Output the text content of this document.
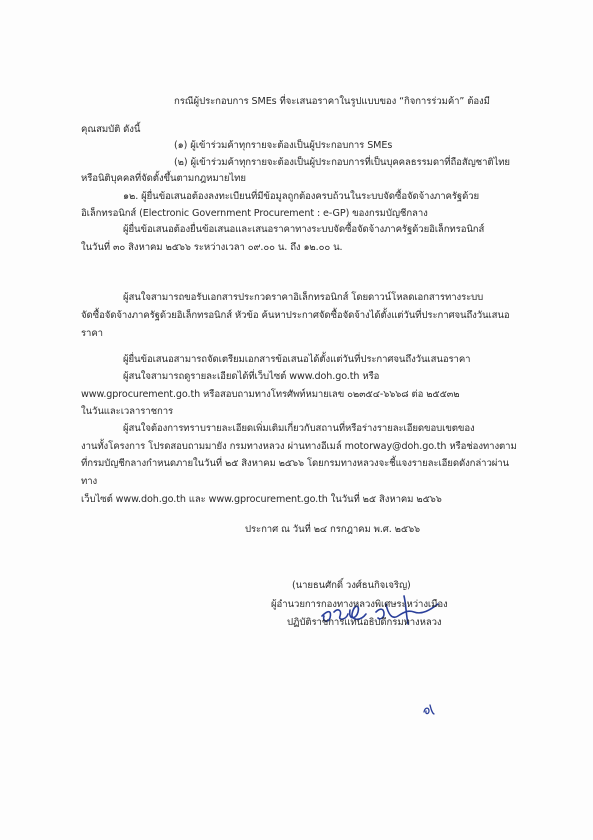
กรณีผู้ประกอบการ SMEs ที่จะเสนอราคาในรูปแบบของ “กิจการร่วมค้า” ต้องมี
คุณสมบัติ ดังนี้
(๑) ผู้เข้าร่วมค้าทุกรายจะต้องเป็นผู้ประกอบการ SMEs
(๒) ผู้เข้าร่วมค้าทุกรายจะต้องเป็นผู้ประกอบการที่เป็นบุคคลธรรมดาที่ถือสัญชาติไทย
หรือนิติบุคคลที่จัดตั้งขึ้นตามกฎหมายไทย
๑๒. ผู้ยื่นข้อเสนอต้องลงทะเบียนที่มีข้อมูลถูกต้องครบถ้วนในระบบจัดซื้อจัดจ้างภาครัฐด้วย
อิเล็กทรอนิกส์ (Electronic Government Procurement : e-GP) ของกรมบัญชีกลาง
ผู้ยื่นข้อเสนอต้องยื่นข้อเสนอและเสนอราคาทางระบบจัดซื้อจัดจ้างภาครัฐด้วยอิเล็กทรอนิกส์
ในวันที่ ๓๐ สิงหาคม ๒๕๖๖ ระหว่างเวลา ๐๙.๐๐ น. ถึง ๑๒.๐๐ น.
ผู้สนใจสามารถขอรับเอกสารประกวดราคาอิเล็กทรอนิกส์ โดยดาวน์โหลดเอกสารทางระบบ
จัดซื้อจัดจ้างภาครัฐด้วยอิเล็กทรอนิกส์ หัวข้อ ค้นหาประกาศจัดซื้อจัดจ้างได้ตั้งแต่วันที่ประกาศจนถึงวันเสนอ
ราคา
ผู้ยื่นข้อเสนอสามารถจัดเตรียมเอกสารข้อเสนอได้ตั้งแต่วันที่ประกาศจนถึงวันเสนอราคา
ผู้สนใจสามารถดูรายละเอียดได้ที่เว็บไซต์ www.doh.go.th หรือ
www.gprocurement.go.th หรือสอบถามทางโทรศัพท์หมายเลข ๐๒๓๕๔-๖๖๖๘ ต่อ ๒๕๕๓๒
ในวันและเวลาราชการ
ผู้สนใจต้องการทราบรายละเอียดเพิ่มเติมเกี่ยวกับสถานที่หรือร่างรายละเอียดขอบเขตของ
งานทั้งโครงการ โปรดสอบถามมายัง กรมทางหลวง ผ่านทางอีเมล์ motorway@doh.go.th หรือช่องทางตาม
ที่กรมบัญชีกลางกำหนดภายในวันที่ ๒๕ สิงหาคม ๒๕๖๖ โดยกรมทางหลวงจะชี้แจงรายละเอียดดังกล่าวผ่าน
ทาง
เว็บไซต์ www.doh.go.th และ www.gprocurement.go.th ในวันที่ ๒๕ สิงหาคม ๒๕๖๖
ประกาศ ณ วันที่ ๒๔ กรกฎาคม พ.ศ. ๒๕๖๖
(นายธนศักดิ์ วงศ์ธนกิจเจริญ)
ผู้อำนวยการกองทางหลวงพิเศษระหว่างเมือง
ปฏิบัติราชการแทนอธิบดีกรมทางหลวง
